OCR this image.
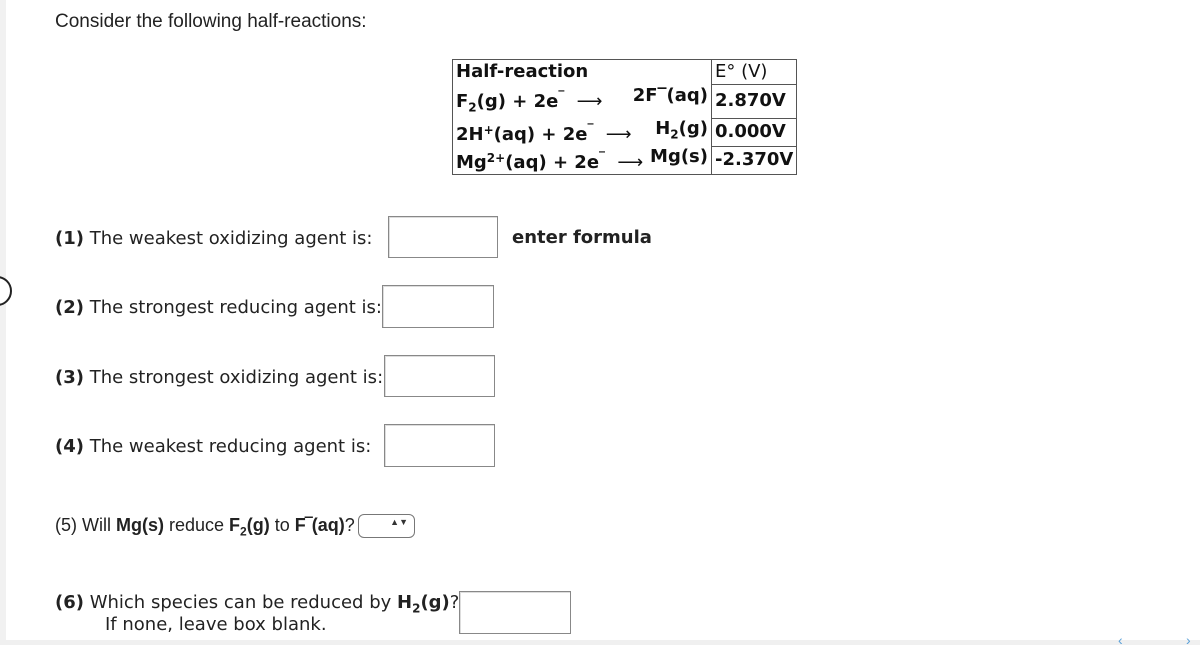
‹	›
Consider the following half-reactions:
Half-reaction	E° (V)

$F_2(g) + 2e^‾$ ⟶ 2F‾(aq)	2.870V

2H+(aq) + 2e‾ ⟶ $H_2(g)$	0.000V

$Mg^{2+}(aq) + 2e^‾$ ⟶ Mg(s)	-2.370V
(1) The weakest oxidizing agent is:	enter formula
(2) The strongest reducing agent is:
(3) The strongest oxidizing agent is:
(4) The weakest reducing agent is:
(5) Will Mg(s) reduce $F_2(g)$ to F‾(aq)?	▲▼
(6) Which species can be reduced by $H_2(g)$?
If none, leave box blank.
